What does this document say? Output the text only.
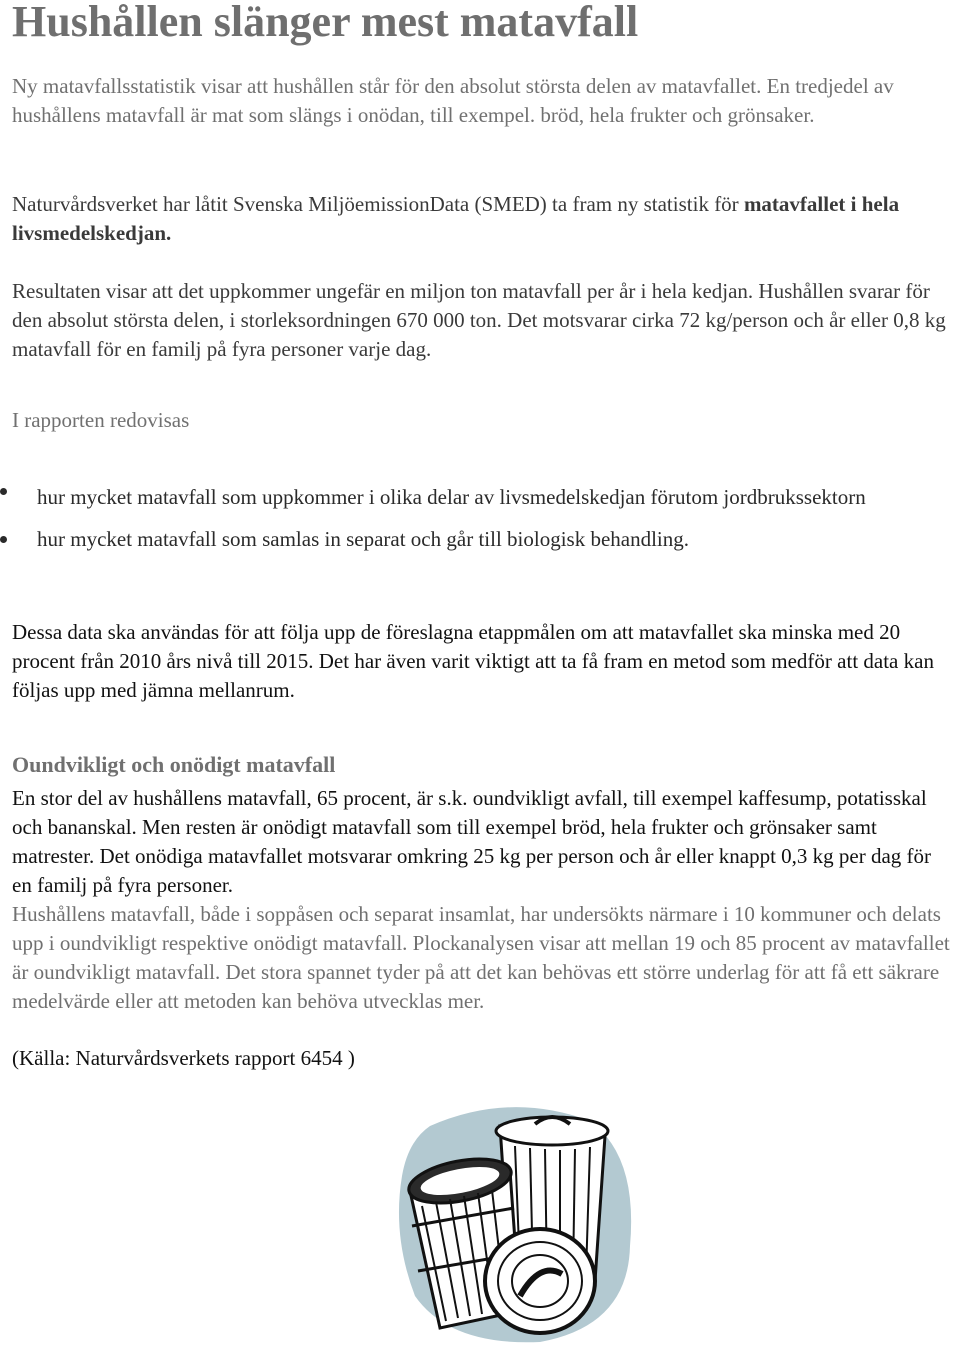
Hushållen slänger mest matavfall

Ny matavfallsstatistik visar att hushållen står för den absolut största delen av matavfallet. En tredjedel av hushållens matavfall är mat som slängs i onödan, till exempel. bröd, hela frukter och grönsaker.

Naturvårdsverket har låtit Svenska MiljöemissionData (SMED) ta fram ny statistik för matavfallet i hela livsmedelskedjan.

Resultaten visar att det uppkommer ungefär en miljon ton matavfall per år i hela kedjan. Hushållen svarar för den absolut största delen, i storleksordningen 670 000 ton. Det motsvarar cirka 72 kg/person och år eller 0,8 kg matavfall för en familj på fyra personer varje dag.

I rapporten redovisas

hur mycket matavfall som uppkommer i olika delar av livsmedelskedjan förutom jordbrukssektorn
hur mycket matavfall som samlas in separat och går till biologisk behandling.

Dessa data ska användas för att följa upp de föreslagna etappmålen om att matavfallet ska minska med 20 procent från 2010 års nivå till 2015. Det har även varit viktigt att ta få fram en metod som medför att data kan följas upp med jämna mellanrum.

Oundvikligt och onödigt matavfall

En stor del av hushållens matavfall, 65 procent, är s.k. oundvikligt avfall, till exempel kaffesump, potatisskal och bananskal. Men resten är onödigt matavfall som till exempel bröd, hela frukter och grönsaker samt matrester. Det onödiga matavfallet motsvarar omkring 25 kg per person och år eller knappt 0,3 kg per dag för en familj på fyra personer.

Hushållens matavfall, både i soppåsen och separat insamlat, har undersökts närmare i 10 kommuner och delats upp i oundvikligt respektive onödigt matavfall. Plockanalysen visar att mellan 19 och 85 procent av matavfallet är oundvikligt matavfall. Det stora spannet tyder på att det kan behövas ett större underlag för att få ett säkrare medelvärde eller att metoden kan behöva utvecklas mer.

(Källa: Naturvårdsverkets rapport 6454 )
